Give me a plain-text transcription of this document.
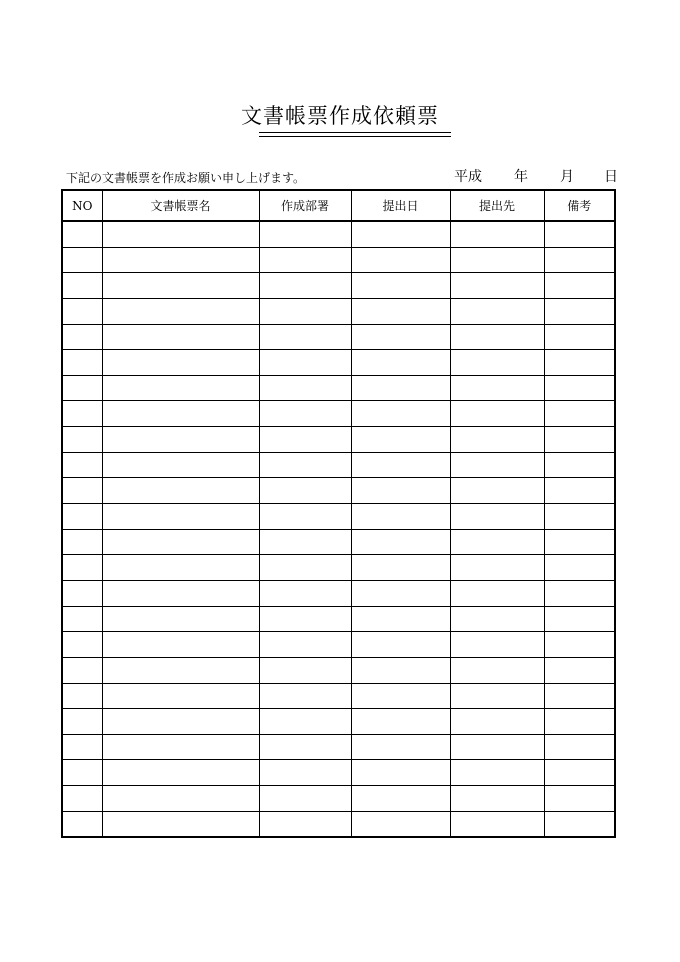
文書帳票作成依頼票
下記の文書帳票を作成お願い申し上げます。	平成 年 月 日
NO	文書帳票名	作成部署	提出日	提出先	備考
